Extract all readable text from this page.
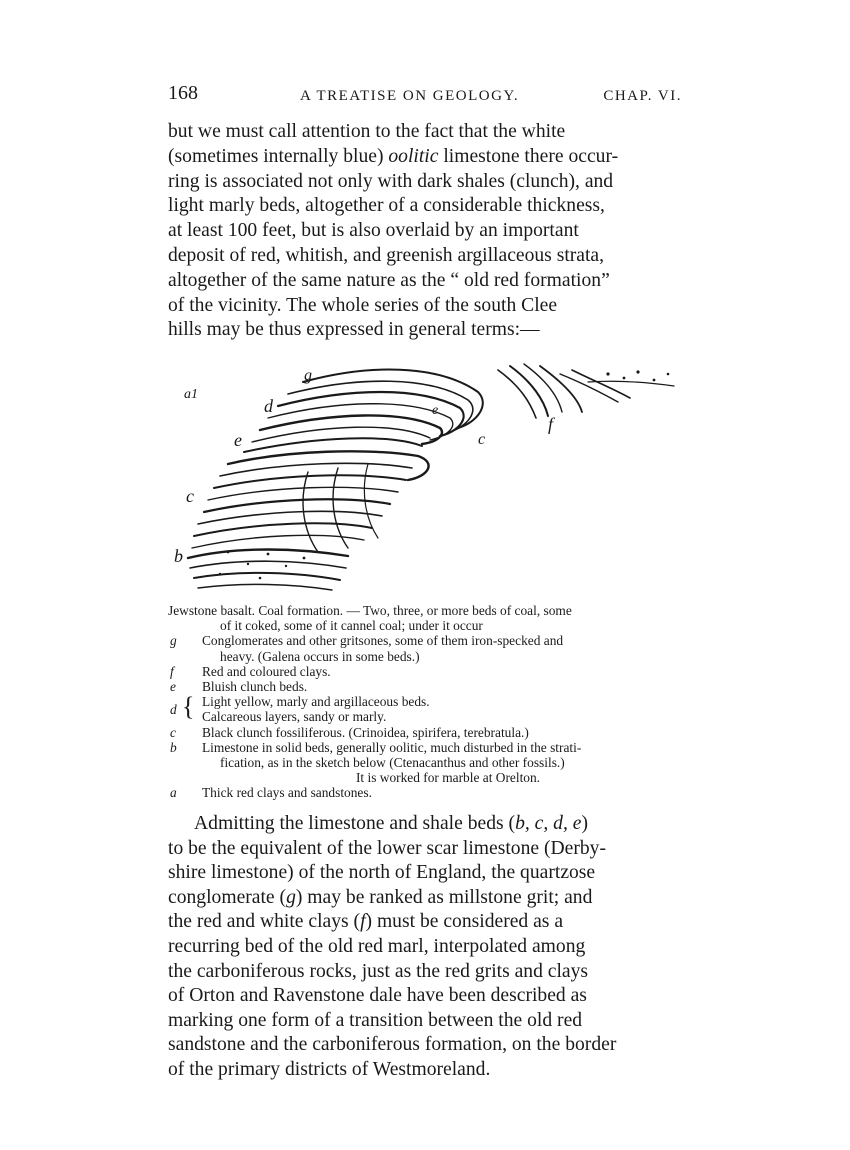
168	A TREATISE ON GEOLOGY.	CHAP. VI.
but we must call attention to the fact that the white
(sometimes internally blue) oolitic limestone there occur-
ring is associated not only with dark shales (clunch), and
light marly beds, altogether of a considerable thickness,
at least 100 feet, but is also overlaid by an important
deposit of red, whitish, and greenish argillaceous strata,
altogether of the same nature as the “ old red formation”
of the vicinity. The whole series of the south Clee
hills may be thus expressed in general terms:—
a1
g
d
e
c
b
c
f
e
Jewstone basalt. Coal formation. — Two, three, or more beds of coal, some
of it coked, some of it cannel coal; under it occur
g Conglomerates and other gritsones, some of them iron-specked and
heavy. (Galena occurs in some beds.)
f Red and coloured clays.
e Bluish clunch beds.
d { Light yellow, marly and argillaceous beds.
Calcareous layers, sandy or marly.
c Black clunch fossiliferous. (Crinoidea, spirifera, terebratula.)
b Limestone in solid beds, generally oolitic, much disturbed in the strati-
fication, as in the sketch below (Ctenacanthus and other fossils.)
It is worked for marble at Orelton.
a Thick red clays and sandstones.
Admitting the limestone and shale beds (b, c, d, e)
to be the equivalent of the lower scar limestone (Derby-
shire limestone) of the north of England, the quartzose
conglomerate (g) may be ranked as millstone grit; and
the red and white clays (f) must be considered as a
recurring bed of the old red marl, interpolated among
the carboniferous rocks, just as the red grits and clays
of Orton and Ravenstone dale have been described as
marking one form of a transition between the old red
sandstone and the carboniferous formation, on the border
of the primary districts of Westmoreland.
